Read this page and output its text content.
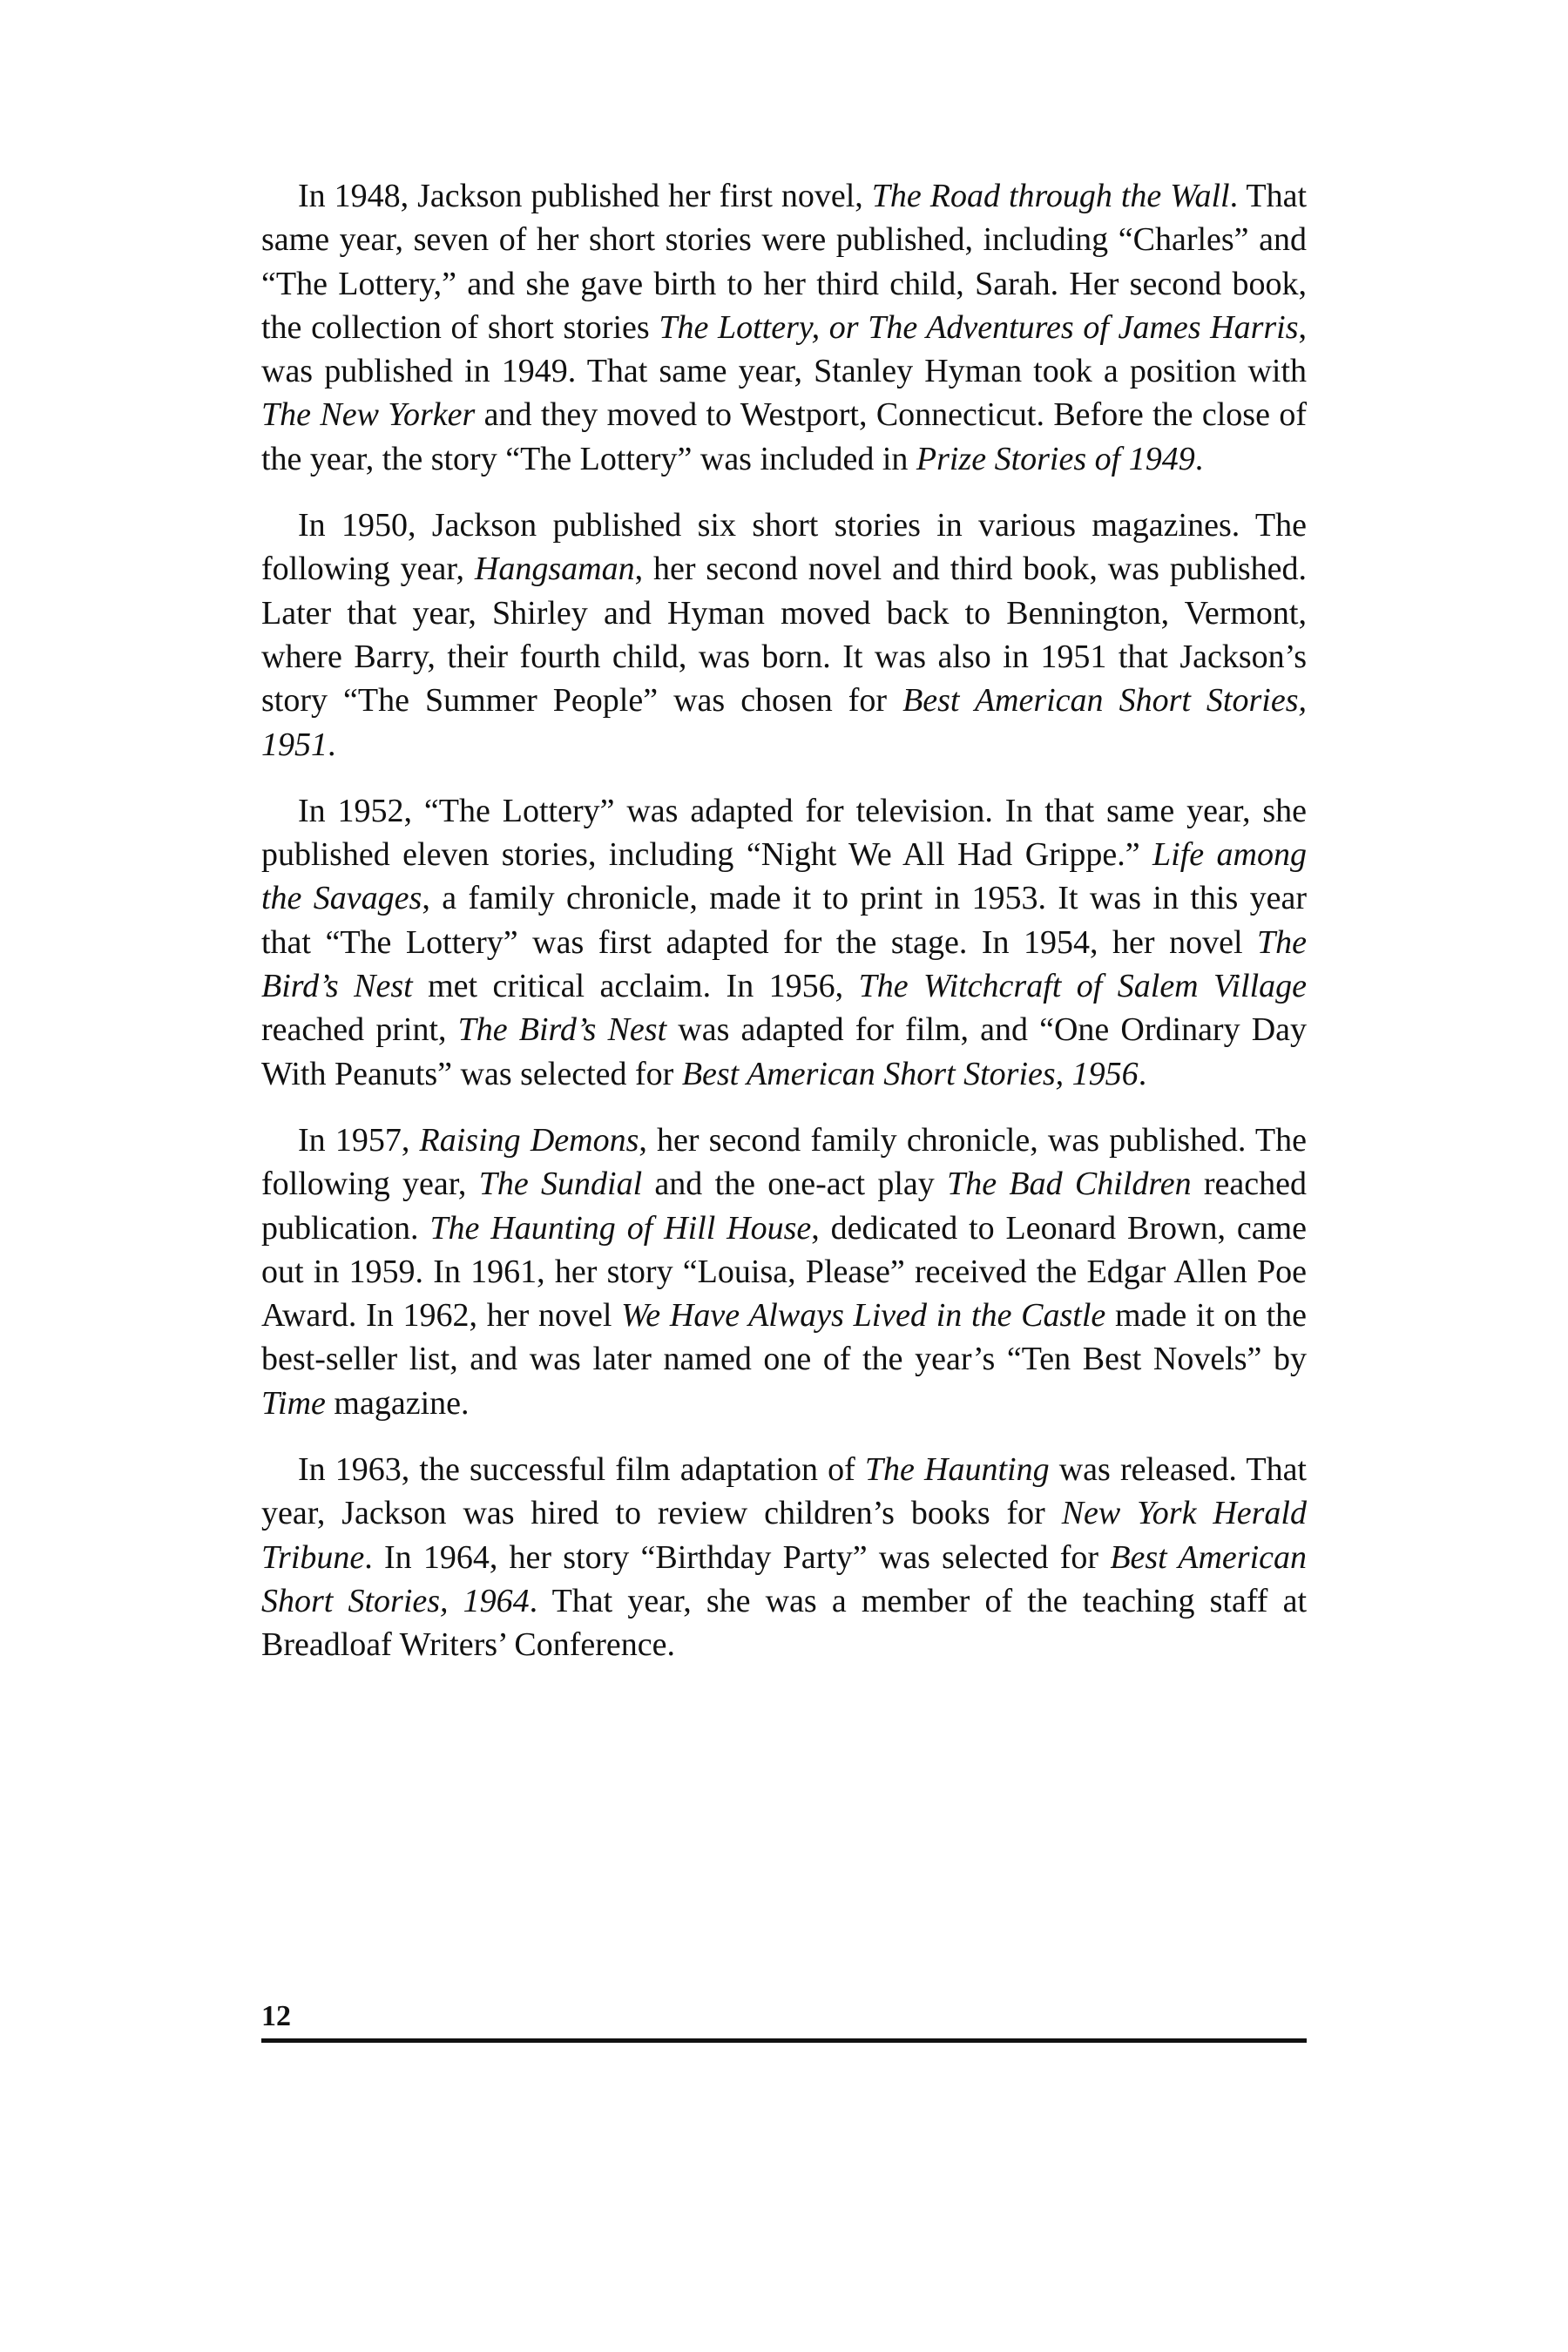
In 1948, Jackson published her first novel, The Road through the Wall. That same year, seven of her short stories were published, including “Charles” and “The Lottery,” and she gave birth to her third child, Sarah. Her second book, the collection of short stories The Lottery, or The Adventures of James Harris, was published in 1949. That same year, Stanley Hyman took a position with The New Yorker and they moved to Westport, Connecticut. Before the close of the year, the story “The Lottery” was included in Prize Stories of 1949.

In 1950, Jackson published six short stories in various magazines. The following year, Hangsaman, her second novel and third book, was published. Later that year, Shirley and Hyman moved back to Bennington, Vermont, where Barry, their fourth child, was born. It was also in 1951 that Jackson’s story “The Summer People” was chosen for Best American Short Stories, 1951.

In 1952, “The Lottery” was adapted for television. In that same year, she published eleven stories, including “Night We All Had Grippe.” Life among the Savages, a family chronicle, made it to print in 1953. It was in this year that “The Lottery” was first adapted for the stage. In 1954, her novel The Bird’s Nest met critical acclaim. In 1956, The Witchcraft of Salem Village reached print, The Bird’s Nest was adapted for film, and “One Ordinary Day With Peanuts” was selected for Best American Short Stories, 1956.

In 1957, Raising Demons, her second family chronicle, was published. The following year, The Sundial and the one-act play The Bad Children reached publication. The Haunting of Hill House, dedicated to Leonard Brown, came out in 1959. In 1961, her story “Louisa, Please” received the Edgar Allen Poe Award. In 1962, her novel We Have Always Lived in the Castle made it on the best-seller list, and was later named one of the year’s “Ten Best Novels” by Time magazine.

In 1963, the successful film adaptation of The Haunting was released. That year, Jackson was hired to review children’s books for New York Herald Tribune. In 1964, her story “Birthday Party” was selected for Best American Short Stories, 1964. That year, she was a member of the teaching staff at Breadloaf Writers’ Conference.

12
